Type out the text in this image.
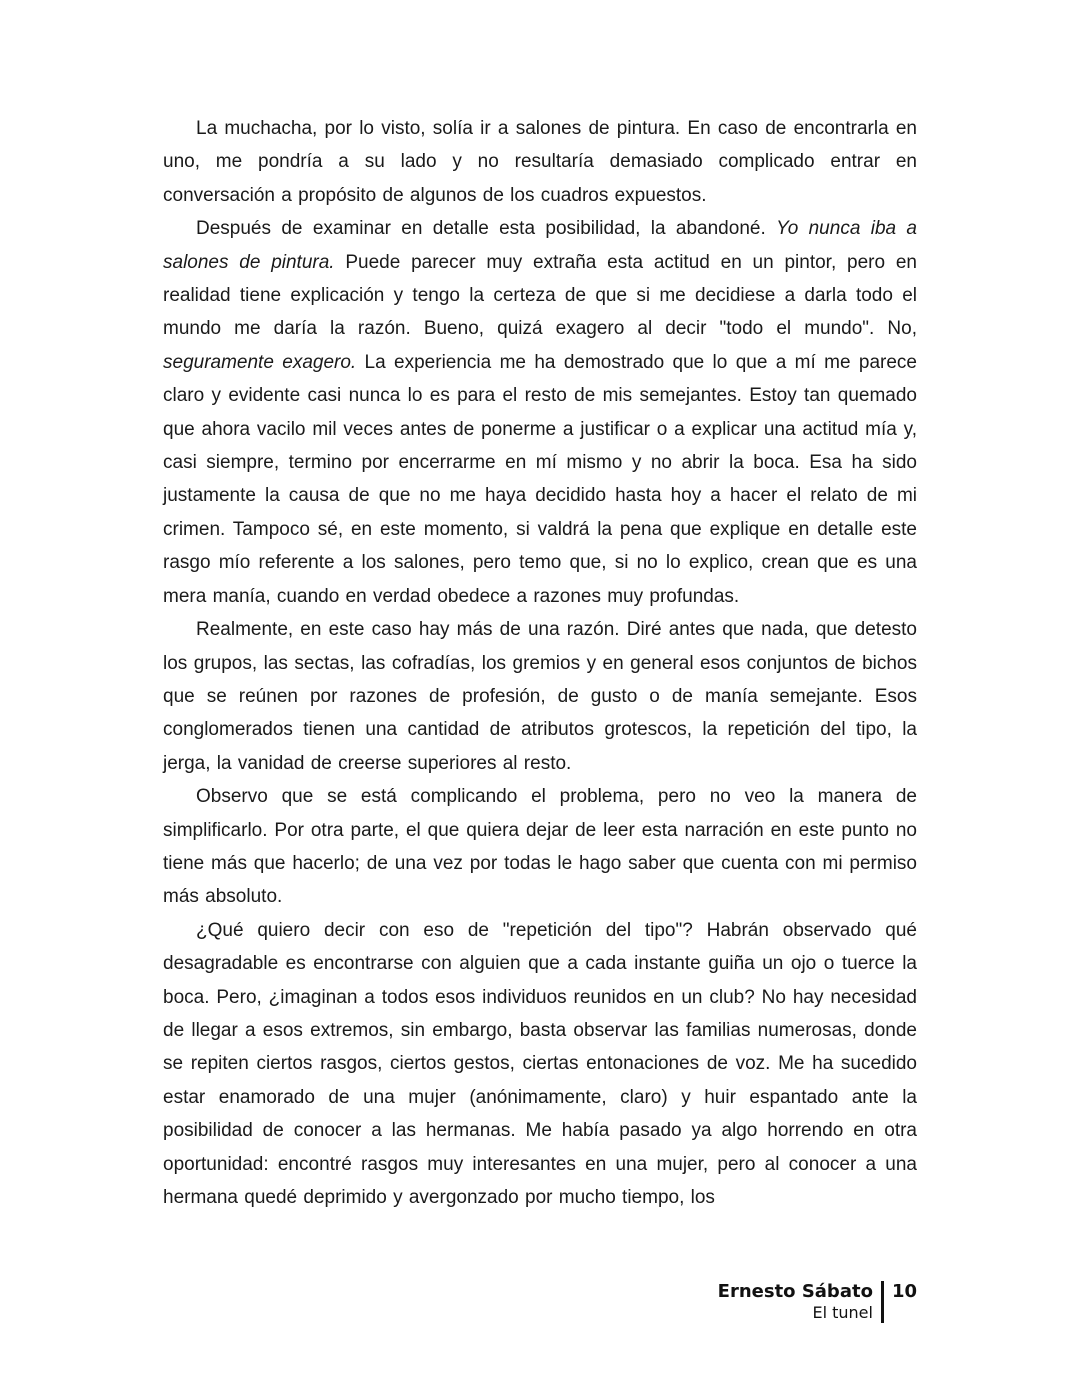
La muchacha, por lo visto, solía ir a salones de pintura. En caso de encontrarla en uno, me pondría a su lado y no resultaría demasiado complicado entrar en conversación a propósito de algunos de los cuadros expuestos.

Después de examinar en detalle esta posibilidad, la abandoné. Yo nunca iba a salones de pintura. Puede parecer muy extraña esta actitud en un pintor, pero en realidad tiene explicación y tengo la certeza de que si me decidiese a darla todo el mundo me daría la razón. Bueno, quizá exagero al decir "todo el mundo". No, seguramente exagero. La experiencia me ha demostrado que lo que a mí me parece claro y evidente casi nunca lo es para el resto de mis semejantes. Estoy tan quemado que ahora vacilo mil veces antes de ponerme a justificar o a explicar una actitud mía y, casi siempre, termino por encerrarme en mí mismo y no abrir la boca. Esa ha sido justamente la causa de que no me haya decidido hasta hoy a hacer el relato de mi crimen. Tampoco sé, en este momento, si valdrá la pena que explique en detalle este rasgo mío referente a los salones, pero temo que, si no lo explico, crean que es una mera manía, cuando en verdad obedece a razones muy profundas.

Realmente, en este caso hay más de una razón. Diré antes que nada, que detesto los grupos, las sectas, las cofradías, los gremios y en general esos conjuntos de bichos que se reúnen por razones de profesión, de gusto o de manía semejante. Esos conglomerados tienen una cantidad de atributos grotescos, la repetición del tipo, la jerga, la vanidad de creerse superiores al resto.

Observo que se está complicando el problema, pero no veo la manera de simplificarlo. Por otra parte, el que quiera dejar de leer esta narración en este punto no tiene más que hacerlo; de una vez por todas le hago saber que cuenta con mi permiso más absoluto.

¿Qué quiero decir con eso de "repetición del tipo"? Habrán observado qué desagradable es encontrarse con alguien que a cada instante guiña un ojo o tuerce la boca. Pero, ¿imaginan a todos esos individuos reunidos en un club? No hay necesidad de llegar a esos extremos, sin embargo, basta observar las familias numerosas, donde se repiten ciertos rasgos, ciertos gestos, ciertas entonaciones de voz. Me ha sucedido estar enamorado de una mujer (anónimamente, claro) y huir espantado ante la posibilidad de conocer a las hermanas. Me había pasado ya algo horrendo en otra oportunidad: encontré rasgos muy interesantes en una mujer, pero al conocer a una hermana quedé deprimido y avergonzado por mucho tiempo, los

Ernesto Sábato
El tunel
10
